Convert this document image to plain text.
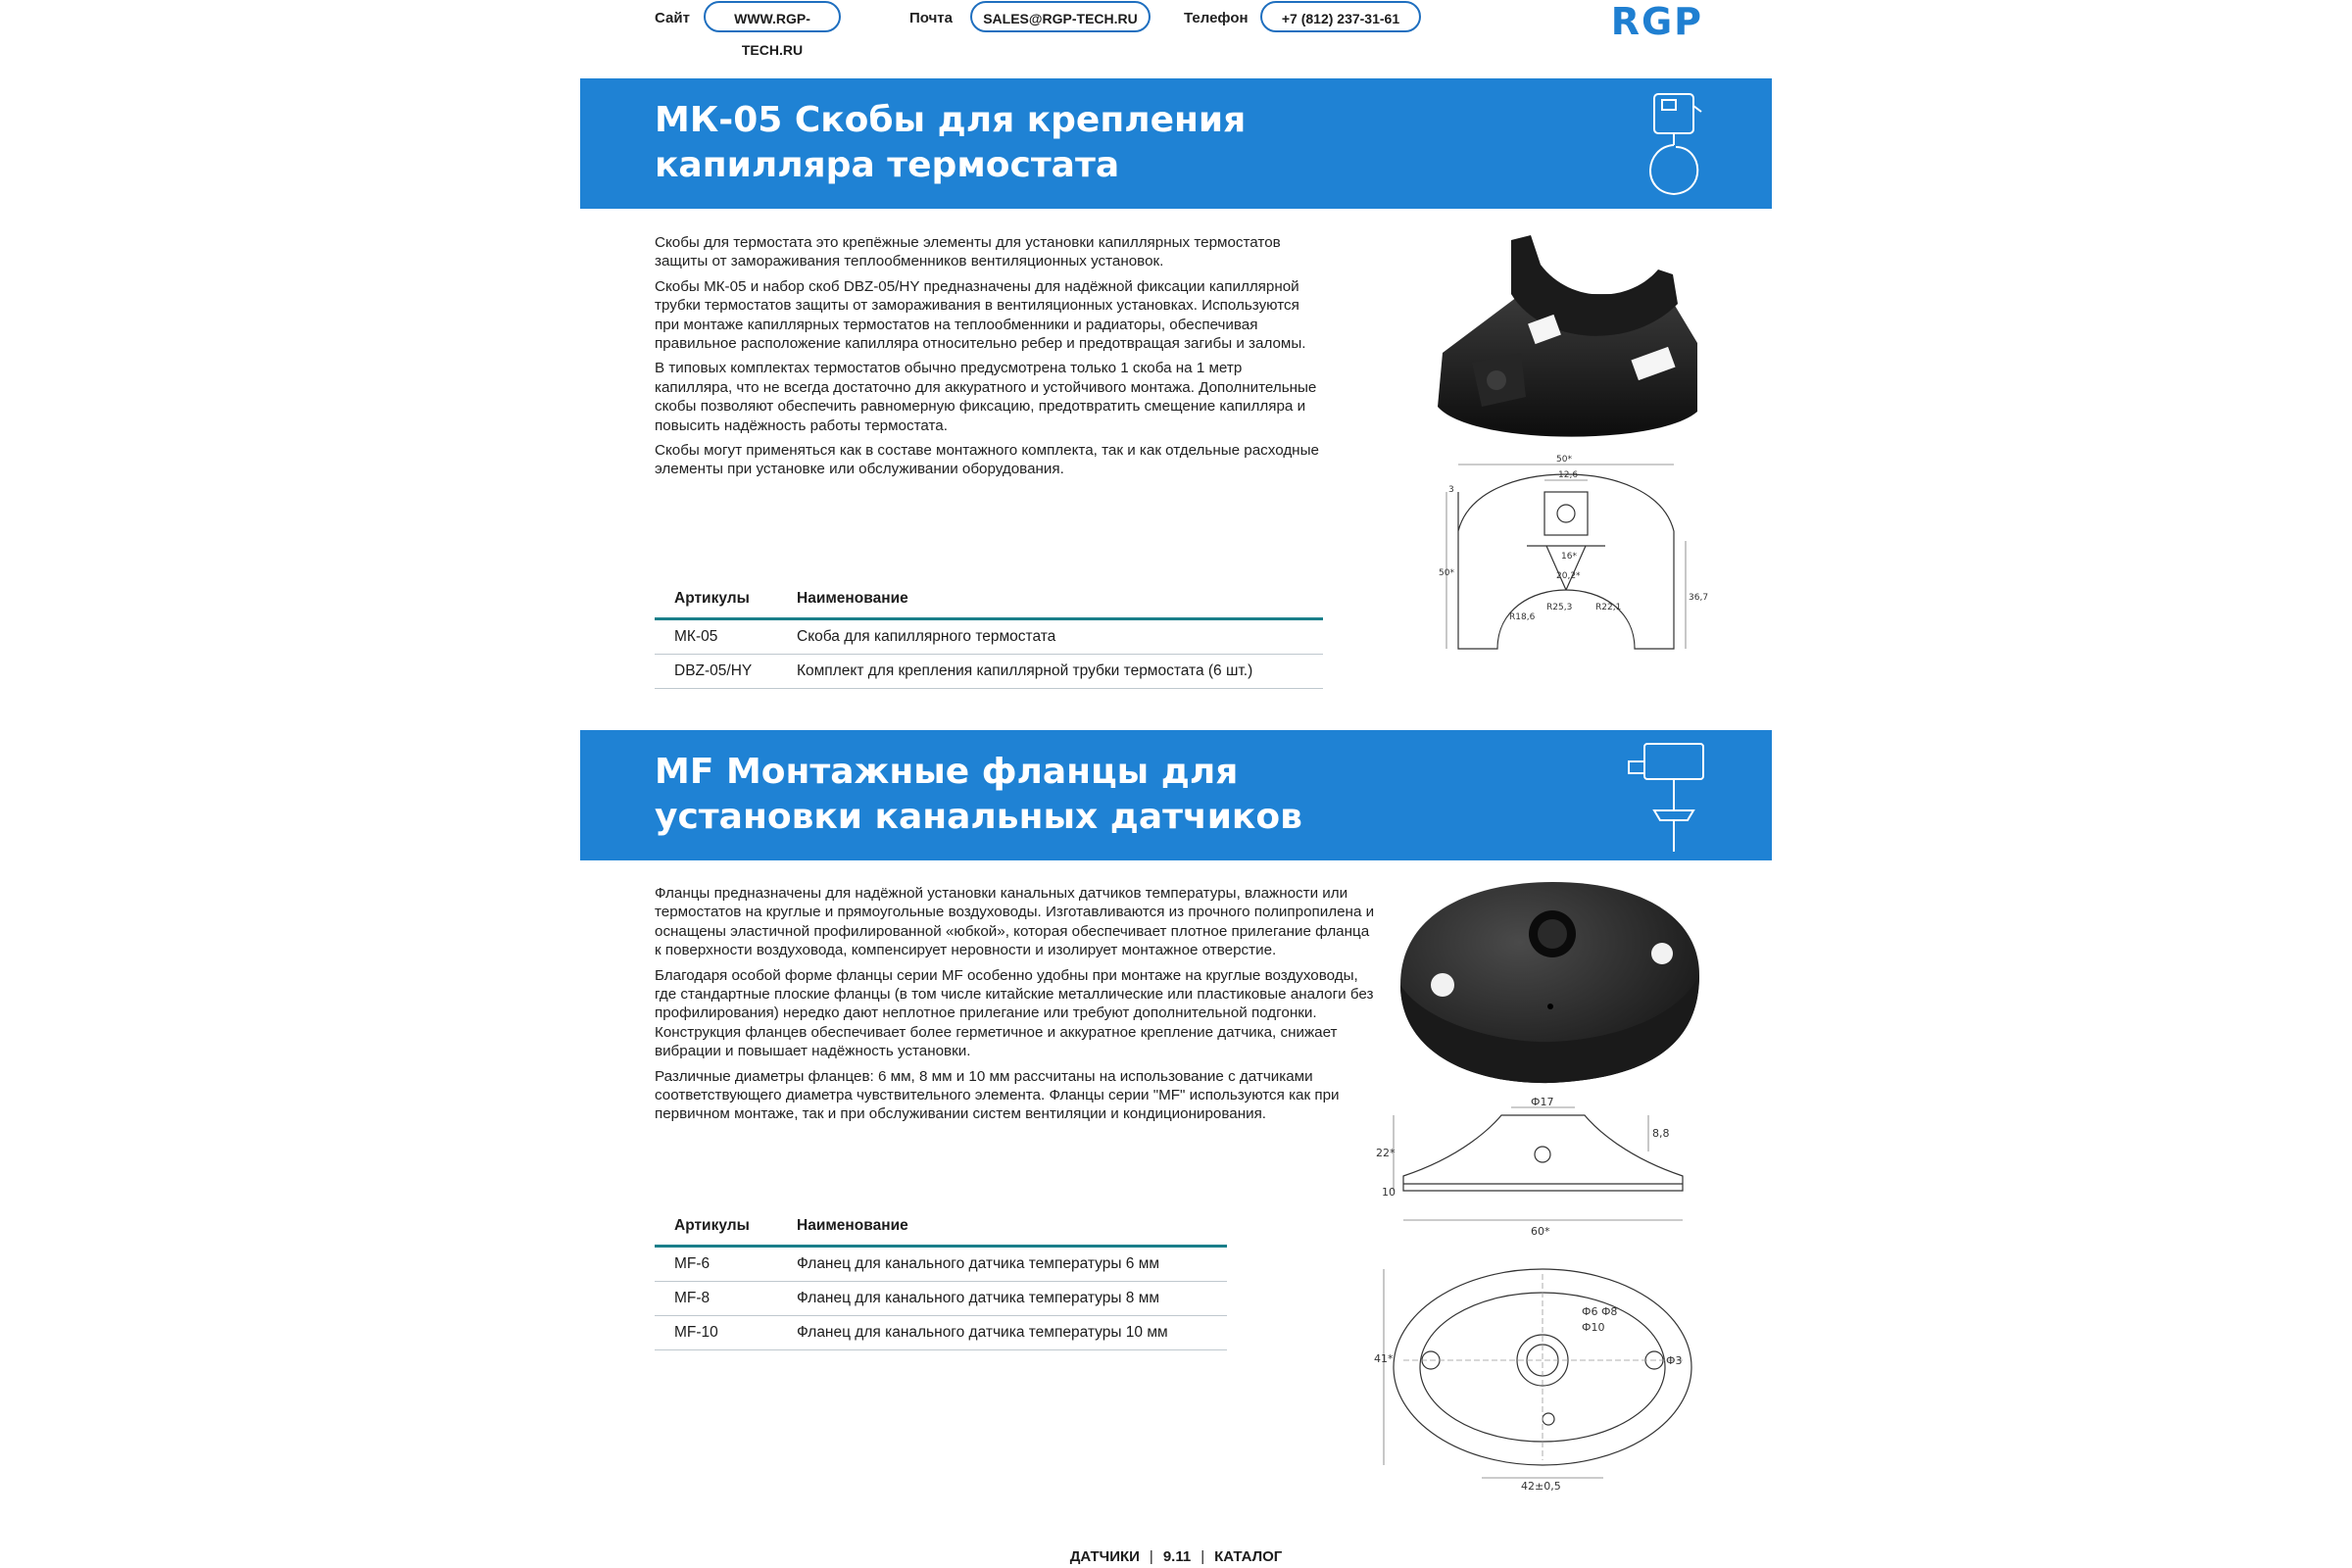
Сайт	WWW.RGP-TECH.RU
Почта	SALES@RGP-TECH.RU	Телефон	+7 (812) 237-31-61	RGP
МК-05 Скобы для крепления
капилляра термостата

Скобы для термостата это крепёжные элементы для установки капиллярных термостатов защиты от замораживания теплообменников вентиляционных установок.

Скобы МК-05 и набор скоб DBZ-05/HY предназначены для надёжной фиксации капиллярной трубки термостатов защиты от замораживания в вентиляционных установках. Используются при монтаже капиллярных термостатов на теплообменники и радиаторы, обеспечивая правильное расположение капилляра относительно ребер и предотвращая загибы и заломы.

В типовых комплектах термостатов обычно предусмотрена только 1 скоба на 1 метр капилляра, что не всегда достаточно для аккуратного и устойчивого монтажа. Дополнительные скобы позволяют обеспечить равномерную фиксацию, предотвратить смещение капилляра и повысить надёжность работы термостата.

Скобы могут применяться как в составе монтажного комплекта, так и как отдельные расходные элементы при установке или обслуживании оборудования.

Артикулы	Наименование
МК-05	Скоба для капиллярного термостата
DBZ-05/HY	Комплект для крепления капиллярной трубки термостата (6 шт.)
50*
12,6
16*
20,2*
50*
36,7
R18,6
R25,3	R22,1
3
MF Монтажные фланцы для
установки канальных датчиков

Фланцы предназначены для надёжной установки канальных датчиков температуры, влажности или термостатов на круглые и прямоугольные воздуховоды. Изготавливаются из прочного полипропилена и оснащены эластичной профилированной «юбкой», которая обеспечивает плотное прилегание фланца к поверхности воздуховода, компенсирует неровности и изолирует монтажное отверстие.

Благодаря особой форме фланцы серии MF особенно удобны при монтаже на круглые воздуховоды, где стандартные плоские фланцы (в том числе китайские металлические или пластиковые аналоги без профилирования) нередко дают неплотное прилегание или требуют дополнительной подгонки. Конструкция фланцев обеспечивает более герметичное и аккуратное крепление датчика, снижает вибрации и повышает надёжность установки.

Различные диаметры фланцев: 6 мм, 8 мм и 10 мм рассчитаны на использование с датчиками соответствующего диаметра чувствительного элемента. Фланцы серии "MF" используются как при первичном монтаже, так и при обслуживании систем вентиляции и кондиционирования.

Артикулы	Наименование
MF-6	Фланец для канального датчика температуры 6 мм
MF-8	Фланец для канального датчика температуры 8 мм
MF-10	Фланец для канального датчика температуры 10 мм
Ф17
8,8
22*
10
60*
Ф6 Ф8
Ф10
Ф3
41*
42±0,5
ДАТЧИКИ | 9.11 | КАТАЛОГ
